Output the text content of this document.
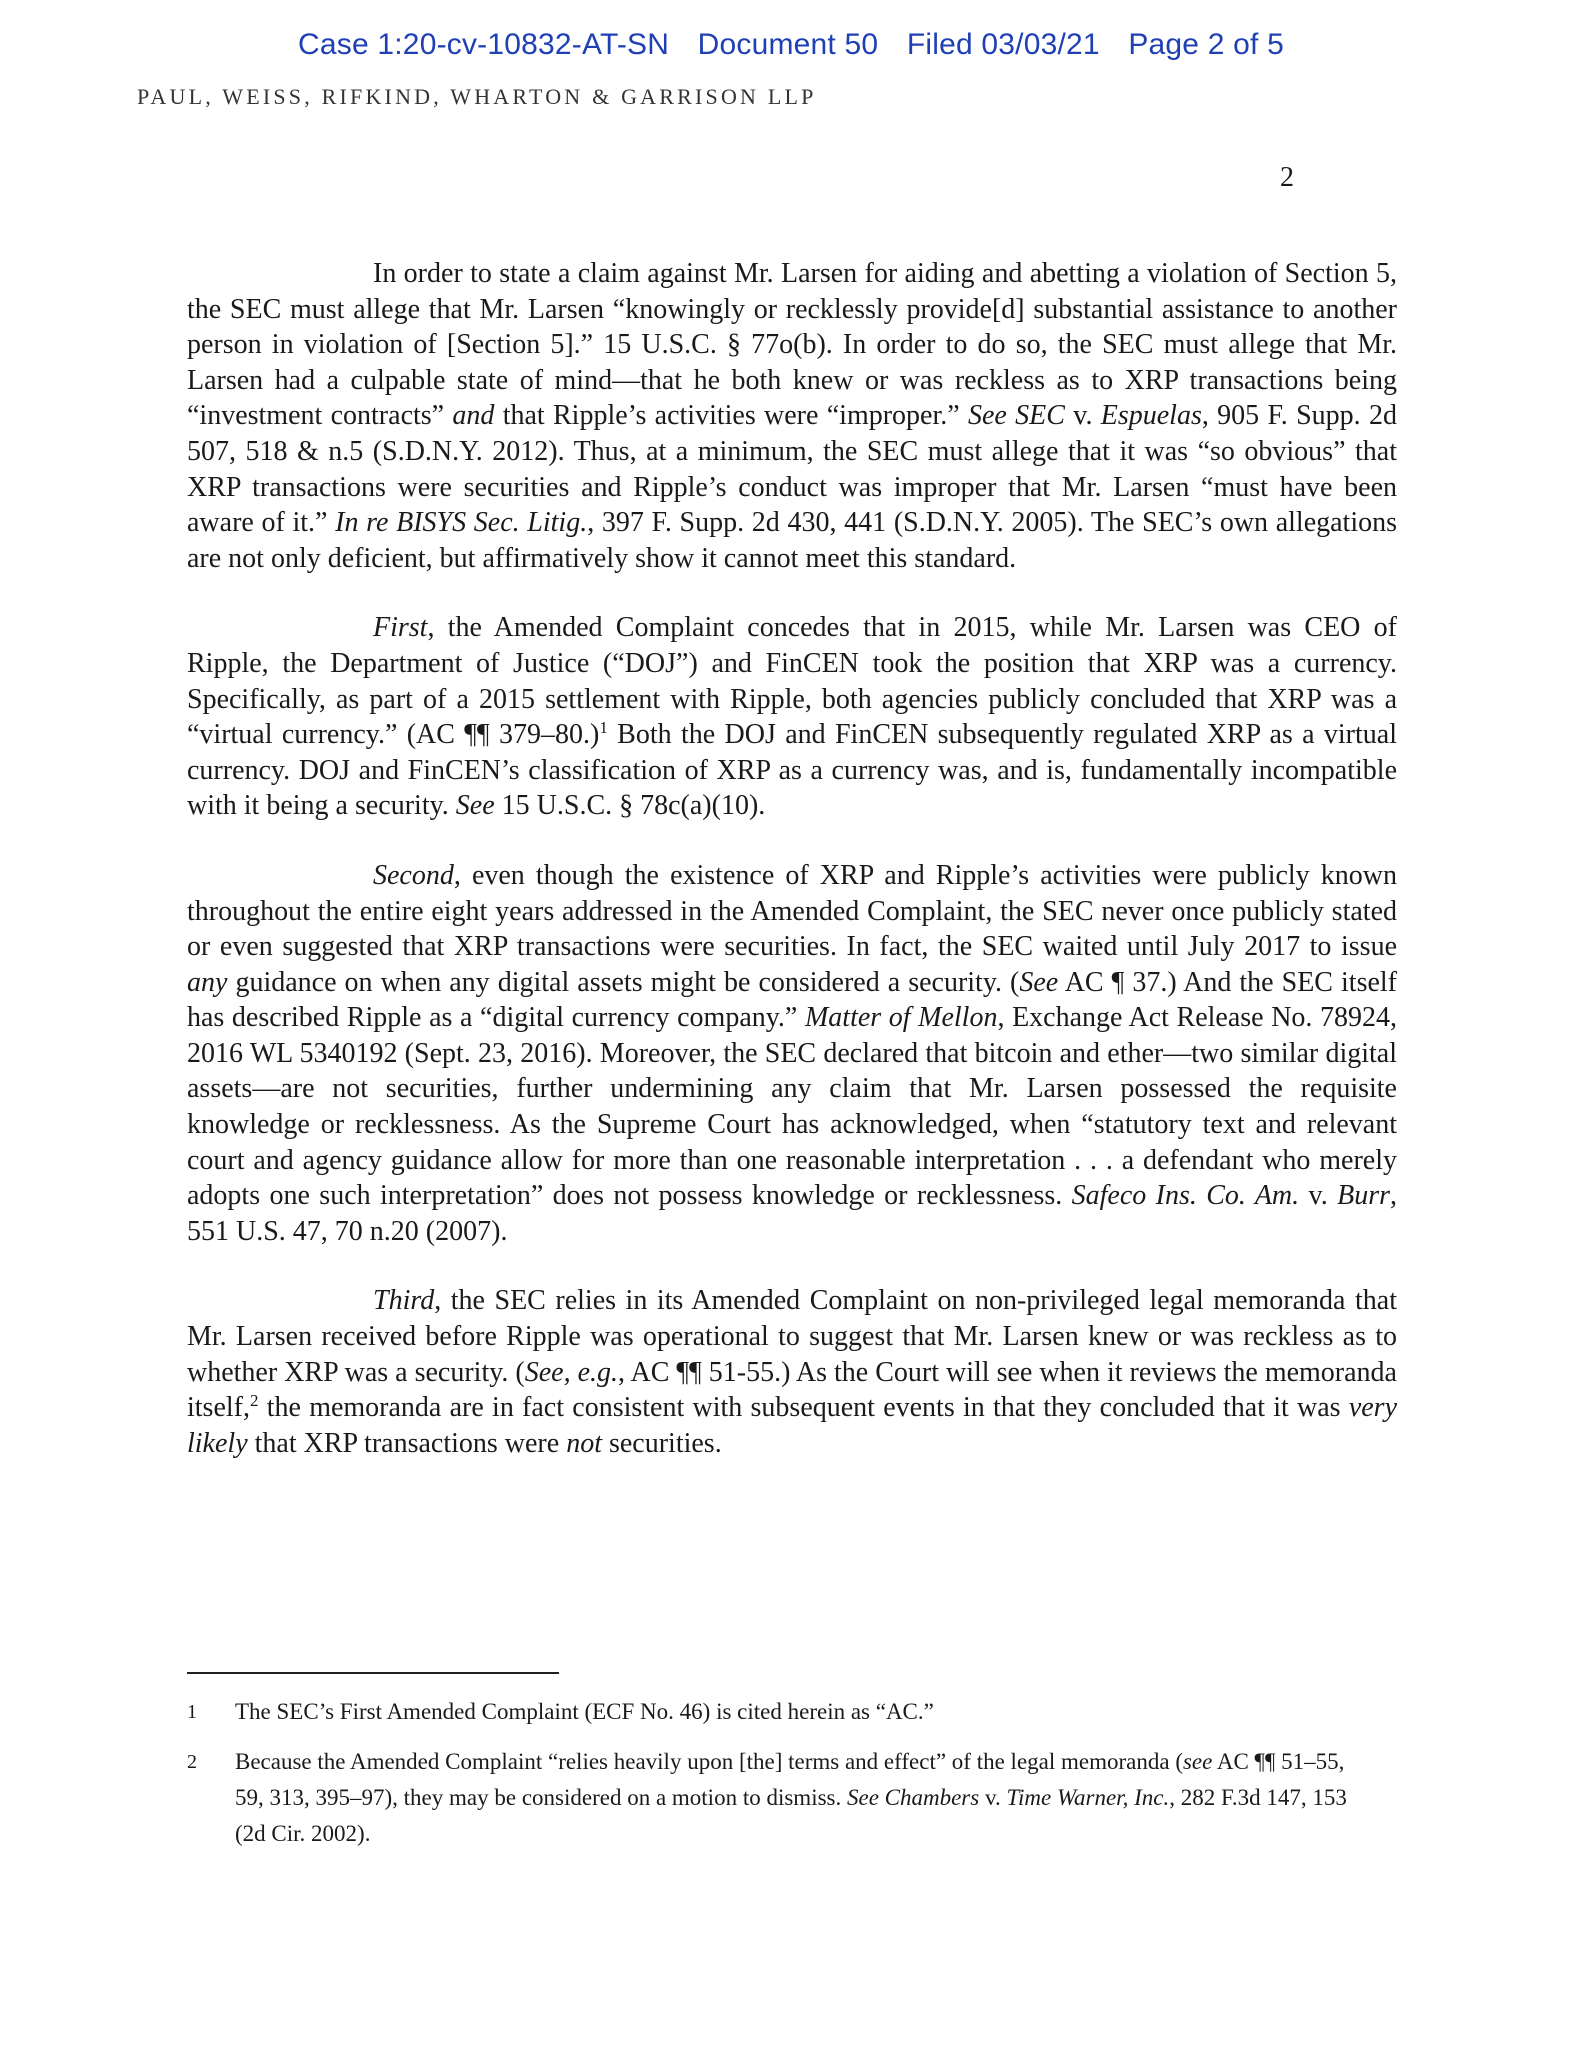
Case 1:20-cv-10832-AT-SN Document 50 Filed 03/03/21 Page 2 of 5
PAUL, WEISS, RIFKIND, WHARTON & GARRISON LLP
2

In order to state a claim against Mr. Larsen for aiding and abetting a violation of Section 5, the SEC must allege that Mr. Larsen “knowingly or recklessly provide[d] substantial assistance to another person in violation of [Section 5].” 15 U.S.C. § 77o(b). In order to do so, the SEC must allege that Mr. Larsen had a culpable state of mind—that he both knew or was reckless as to XRP transactions being “investment contracts” and that Ripple’s activities were “improper.” See SEC v. Espuelas, 905 F. Supp. 2d 507, 518 & n.5 (S.D.N.Y. 2012). Thus, at a minimum, the SEC must allege that it was “so obvious” that XRP transactions were securities and Ripple’s conduct was improper that Mr. Larsen “must have been aware of it.” In re BISYS Sec. Litig., 397 F. Supp. 2d 430, 441 (S.D.N.Y. 2005). The SEC’s own allegations are not only deficient, but affirmatively show it cannot meet this standard.

First, the Amended Complaint concedes that in 2015, while Mr. Larsen was CEO of Ripple, the Department of Justice (“DOJ”) and FinCEN took the position that XRP was a currency. Specifically, as part of a 2015 settlement with Ripple, both agencies publicly concluded that XRP was a “virtual currency.” (AC ¶¶ 379–80.)$^1$ Both the DOJ and FinCEN subsequently regulated XRP as a virtual currency. DOJ and FinCEN’s classification of XRP as a currency was, and is, fundamentally incompatible with it being a security. See 15 U.S.C. § 78c(a)(10).

Second, even though the existence of XRP and Ripple’s activities were publicly known throughout the entire eight years addressed in the Amended Complaint, the SEC never once publicly stated or even suggested that XRP transactions were securities. In fact, the SEC waited until July 2017 to issue any guidance on when any digital assets might be considered a security. (See AC ¶ 37.) And the SEC itself has described Ripple as a “digital currency company.” Matter of Mellon, Exchange Act Release No. 78924, 2016 WL 5340192 (Sept. 23, 2016). Moreover, the SEC declared that bitcoin and ether—two similar digital assets—are not securities, further undermining any claim that Mr. Larsen possessed the requisite knowledge or recklessness. As the Supreme Court has acknowledged, when “statutory text and relevant court and agency guidance allow for more than one reasonable interpretation . . . a defendant who merely adopts one such interpretation” does not possess knowledge or recklessness. Safeco Ins. Co. Am. v. Burr, 551 U.S. 47, 70 n.20 (2007).

Third, the SEC relies in its Amended Complaint on non-privileged legal memoranda that Mr. Larsen received before Ripple was operational to suggest that Mr. Larsen knew or was reckless as to whether XRP was a security. (See, e.g., AC ¶¶ 51-55.) As the Court will see when it reviews the memoranda itself,$^2$ the memoranda are in fact consistent with subsequent events in that they concluded that it was very likely that XRP transactions were not securities.

1	The SEC’s First Amended Complaint (ECF No. 46) is cited herein as “AC.”
2	Because the Amended Complaint “relies heavily upon [the] terms and effect” of the legal memoranda (see AC ¶¶ 51–55, 59, 313, 395–97), they may be considered on a motion to dismiss. See Chambers v. Time Warner, Inc., 282 F.3d 147, 153 (2d Cir. 2002).
